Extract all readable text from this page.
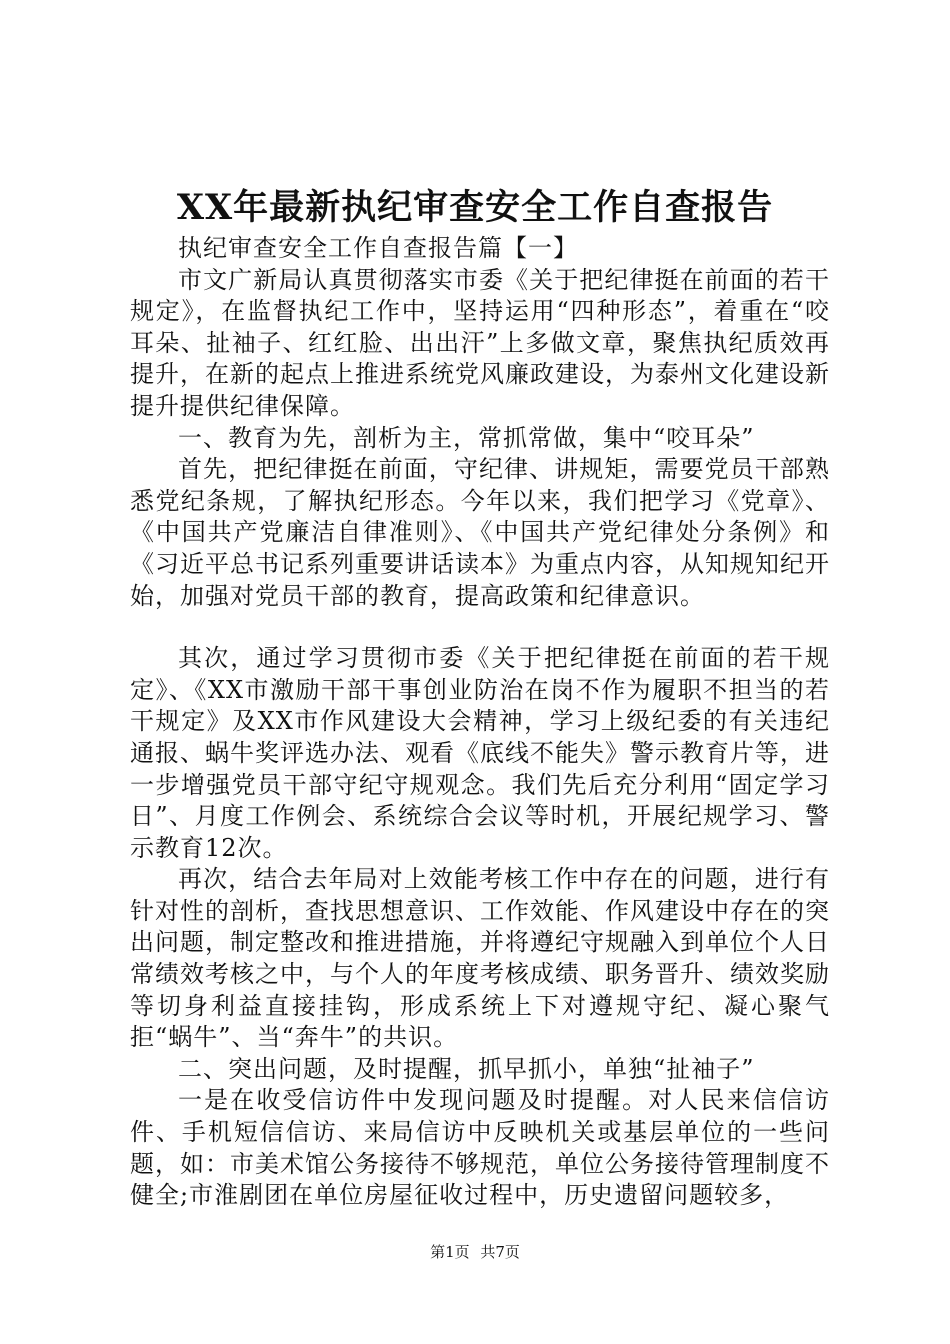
XX年最新执纪审查安全工作自查报告

执纪审查安全工作自查报告篇【一】

市文广新局认真贯彻落实市委《关于把纪律挺在前面的若干规定》，在监督执纪工作中，坚持运用“四种形态”，着重在“咬耳朵、扯袖子、红红脸、出出汗”上多做文章，聚焦执纪质效再提升，在新的起点上推进系统党风廉政建设，为泰州文化建设新提升提供纪律保障。

一、教育为先，剖析为主，常抓常做，集中“咬耳朵”

首先，把纪律挺在前面，守纪律、讲规矩，需要党员干部熟悉党纪条规，了解执纪形态。今年以来，我们把学习《党章》、《中国共产党廉洁自律准则》、《中国共产党纪律处分条例》和《习近平总书记系列重要讲话读本》为重点内容，从知规知纪开始，加强对党员干部的教育，提高政策和纪律意识。

其次，通过学习贯彻市委《关于把纪律挺在前面的若干规定》、《XX市激励干部干事创业防治在岗不作为履职不担当的若干规定》及XX市作风建设大会精神，学习上级纪委的有关违纪通报、蜗牛奖评选办法、观看《底线不能失》警示教育片等，进一步增强党员干部守纪守规观念。我们先后充分利用“固定学习日”、月度工作例会、系统综合会议等时机，开展纪规学习、警示教育12次。

再次，结合去年局对上效能考核工作中存在的问题，进行有针对性的剖析，查找思想意识、工作效能、作风建设中存在的突出问题，制定整改和推进措施，并将遵纪守规融入到单位个人日常绩效考核之中，与个人的年度考核成绩、职务晋升、绩效奖励等切身利益直接挂钩，形成系统上下对遵规守纪、凝心聚气拒“蜗牛”、当“奔牛”的共识。

二、突出问题，及时提醒，抓早抓小，单独“扯袖子”

一是在收受信访件中发现问题及时提醒。对人民来信信访件、手机短信信访、来局信访中反映机关或基层单位的一些问题，如：市美术馆公务接待不够规范，单位公务接待管理制度不健全;市淮剧团在单位房屋征收过程中，历史遗留问题较多，

第1页 共7页
